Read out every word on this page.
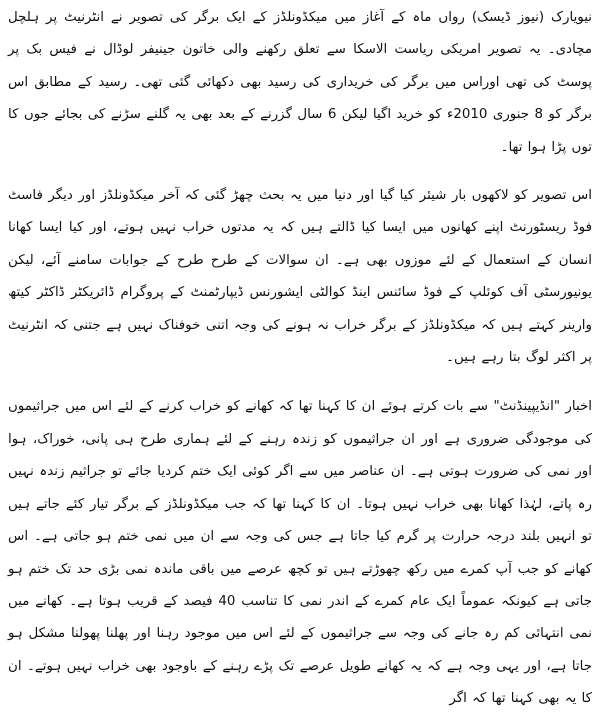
نیویارک (نیوز ڈیسک) رواں ماہ کے آغاز میں میکڈونلڈز کے ایک برگر کی تصویر نے انٹرنیٹ پر ہلچل مچادی۔ یہ تصویر امریکی ریاست الاسکا سے تعلق رکھنے والی خاتون جینیفر لوڈال نے فیس بک پر پوسٹ کی تھی اوراس میں برگر کی خریداری کی رسید بھی دکھائی گئی تھی۔ رسید کے مطابق اس برگر کو 8 جنوری 2010ء کو خرید اگیا لیکن 6 سال گزرنے کے بعد بھی یہ گلنے سڑنے کی بجائے جوں کا توں پڑا ہوا تھا۔

اس تصویر کو لاکھوں بار شیئر کیا گیا اور دنیا میں یہ بحث چھڑ گئی کہ آخر میکڈونلڈز اور دیگر فاسٹ فوڈ ریسٹورنٹ اپنے کھانوں میں ایسا کیا ڈالتے ہیں کہ یہ مدتوں خراب نہیں ہوتے، اور کیا ایسا کھانا انسان کے استعمال کے لئے موزوں بھی ہے۔ ان سوالات کے طرح طرح کے جوابات سامنے آئے، لیکن یونیورسٹی آف کوئلپ کے فوڈ سائنس اینڈ کوالٹی ایشورنس ڈیپارٹمنٹ کے پروگرام ڈائریکٹر ڈاکٹر کیتھ وارینر کہتے ہیں کہ میکڈونلڈز کے برگر خراب نہ ہونے کی وجہ اتنی خوفناک نہیں ہے جتنی کہ انٹرنیٹ پر اکثر لوگ بتا رہے ہیں۔

اخبار "انڈیپینڈنٹ" سے بات کرتے ہوئے ان کا کہنا تھا کہ کھانے کو خراب کرنے کے لئے اس میں جراثیموں کی موجودگی ضروری ہے اور ان جراثیموں کو زندہ رہنے کے لئے ہماری طرح ہی پانی، خوراک، ہوا اور نمی کی ضرورت ہوتی ہے۔ ان عناصر میں سے اگر کوئی ایک ختم کردیا جائے تو جراثیم زندہ نہیں رہ پاتے، لہٰذا کھانا بھی خراب نہیں ہوتا۔ ان کا کہنا تھا کہ جب میکڈونلڈز کے برگر تیار کئے جاتے ہیں تو انہیں بلند درجہ حرارت پر گرم کیا جاتا ہے جس کی وجہ سے ان میں نمی ختم ہو جاتی ہے۔ اس کھانے کو جب آپ کمرے میں رکھ چھوڑتے ہیں تو کچھ عرصے میں باقی ماندہ نمی بڑی حد تک ختم ہو جاتی ہے کیونکہ عموماً ایک عام کمرے کے اندر نمی کا تناسب 40 فیصد کے قریب ہوتا ہے۔ کھانے میں نمی انتہائی کم رہ جانے کی وجہ سے جراثیموں کے لئے اس میں موجود رہنا اور پھلنا پھولنا مشکل ہو جاتا ہے، اور یہی وجہ ہے کہ یہ کھانے طویل عرصے تک پڑے رہنے کے باوجود بھی خراب نہیں ہوتے۔ ان کا یہ بھی کہنا تھا کہ اگر
